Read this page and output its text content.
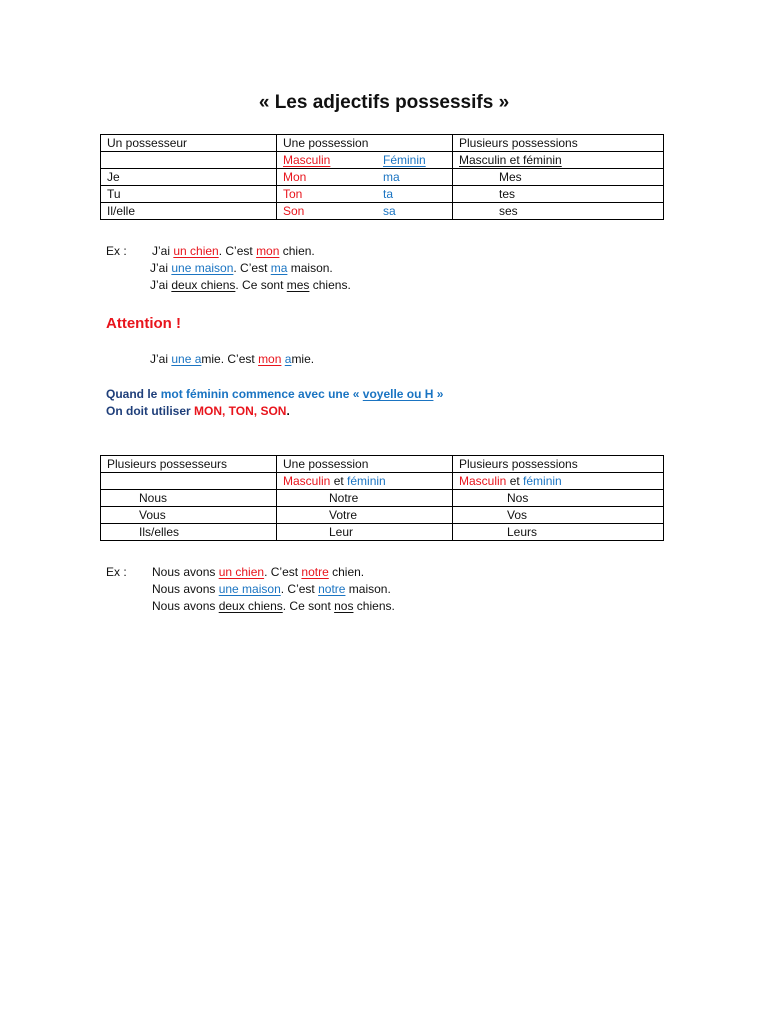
« Les adjectifs possessifs »
Un possesseur	Une possession	Plusieurs possessions
	Masculin Féminin	Masculin et féminin
Je	Mon ma	Mes
Tu	Ton ta	tes
Il/elle	Son sa	ses
Ex : J’ai un chien. C’est mon chien.
J’ai une maison. C’est ma maison.
J’ai deux chiens. Ce sont mes chiens.
Attention !
J’ai une amie. C’est mon amie.
Quand le mot féminin commence avec une « voyelle ou H »
On doit utiliser MON, TON, SON.
Plusieurs possesseurs	Une possession	Plusieurs possessions
	Masculin et féminin	Masculin et féminin
Nous	Notre	Nos
Vous	Votre	Vos
Ils/elles	Leur	Leurs
Ex : Nous avons un chien. C’est notre chien.
Nous avons une maison. C’est notre maison.
Nous avons deux chiens. Ce sont nos chiens.
